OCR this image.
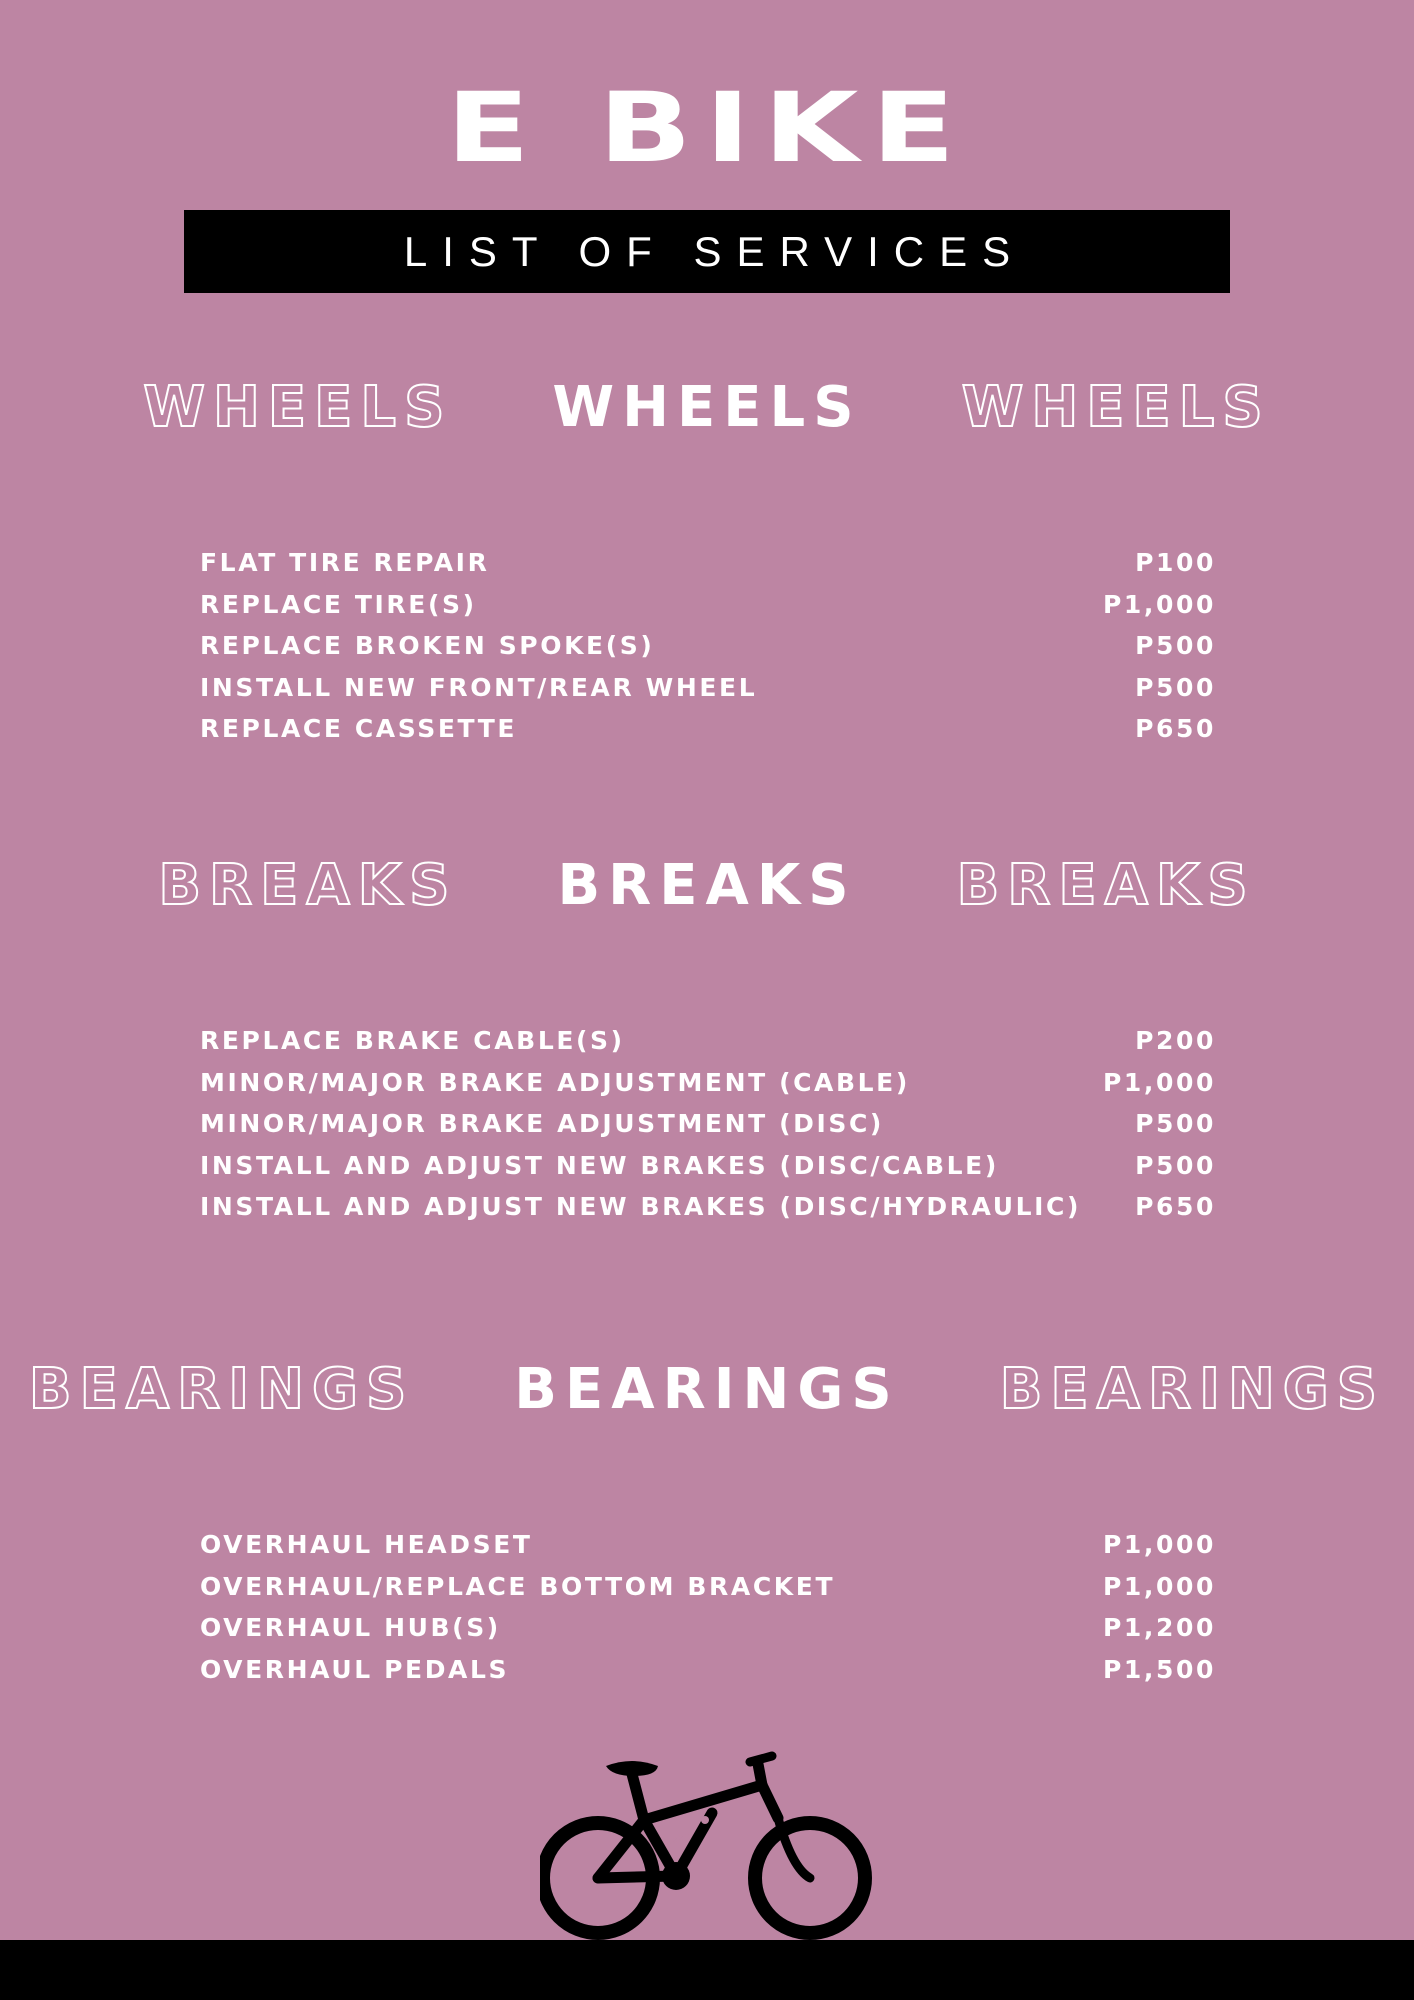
E BIKE
LIST OF SERVICES
WHEELS WHEELS WHEELS
FLAT TIRE REPAIR	P100
REPLACE TIRE(S)	P1,000
REPLACE BROKEN SPOKE(S)	P500
INSTALL NEW FRONT/REAR WHEEL	P500
REPLACE CASSETTE	P650
BREAKS BREAKS BREAKS
REPLACE BRAKE CABLE(S)	P200
MINOR/MAJOR BRAKE ADJUSTMENT (CABLE)	P1,000
MINOR/MAJOR BRAKE ADJUSTMENT (DISC)	P500
INSTALL AND ADJUST NEW BRAKES (DISC/CABLE)	P500
INSTALL AND ADJUST NEW BRAKES (DISC/HYDRAULIC) P650
BEARINGS BEARINGS BEARINGS
OVERHAUL HEADSET	P1,000
OVERHAUL/REPLACE BOTTOM BRACKET	P1,000
OVERHAUL HUB(S)	P1,200
OVERHAUL PEDALS	P1,500
